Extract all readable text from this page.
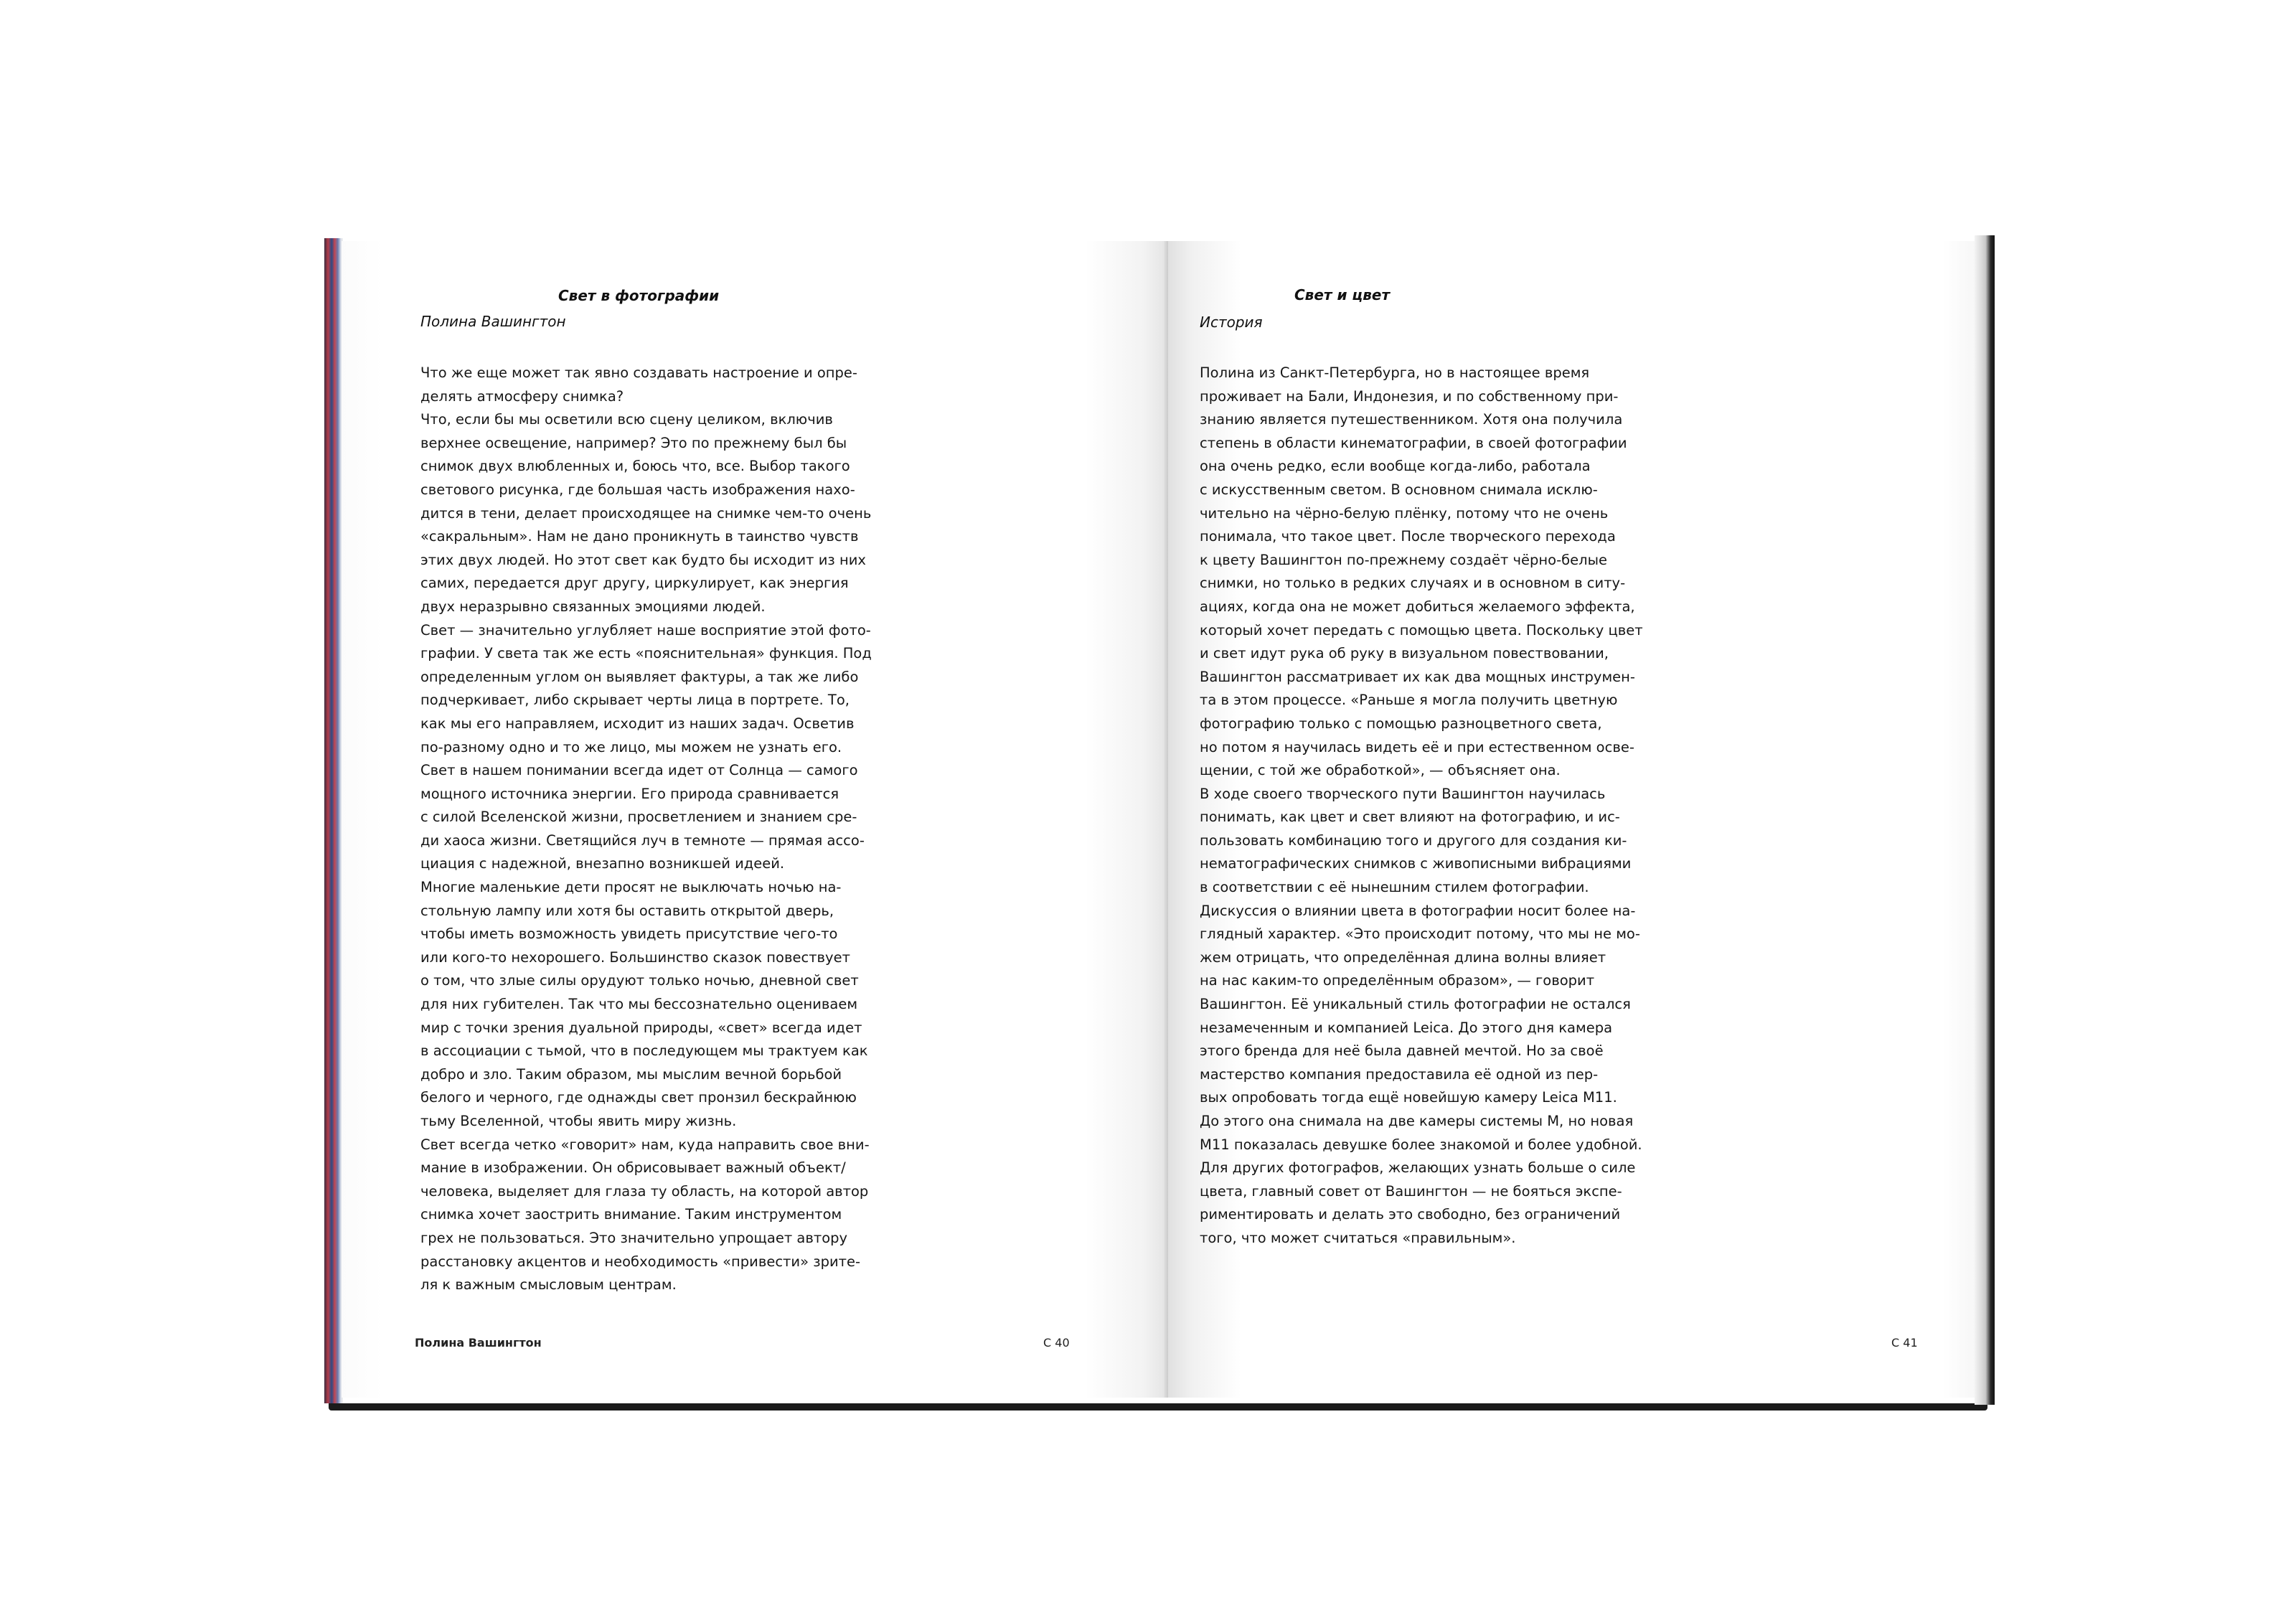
Свет в фотографии
Полина Вашингтон
Что же еще может так явно создавать настроение и опре-
делять атмосферу снимка?
Что, если бы мы осветили всю сцену целиком, включив
верхнее освещение, например? Это по прежнему был бы
снимок двух влюбленных и, боюсь что, все. Выбор такого
светового рисунка, где большая часть изображения нахо-
дится в тени, делает происходящее на снимке чем-то очень
«сакральным». Нам не дано проникнуть в таинство чувств
этих двух людей. Но этот свет как будто бы исходит из них
самих, передается друг другу, циркулирует, как энергия
двух неразрывно связанных эмоциями людей.
Свет — значительно углубляет наше восприятие этой фото-
графии. У света так же есть «пояснительная» функция. Под
определенным углом он выявляет фактуры, а так же либо
подчеркивает, либо скрывает черты лица в портрете. То,
как мы его направляем, исходит из наших задач. Осветив
по-разному одно и то же лицо, мы можем не узнать его.
Свет в нашем понимании всегда идет от Солнца — самого
мощного источника энергии. Его природа сравнивается
с силой Вселенской жизни, просветлением и знанием сре-
ди хаоса жизни. Светящийся луч в темноте — прямая ассо-
циация с надежной, внезапно возникшей идеей.
Многие маленькие дети просят не выключать ночью на-
стольную лампу или хотя бы оставить открытой дверь,
чтобы иметь возможность увидеть присутствие чего-то
или кого-то нехорошего. Большинство сказок повествует
о том, что злые силы орудуют только ночью, дневной свет
для них губителен. Так что мы бессознательно оцениваем
мир с точки зрения дуальной природы, «свет» всегда идет
в ассоциации с тьмой, что в последующем мы трактуем как
добро и зло. Таким образом, мы мыслим вечной борьбой
белого и черного, где однажды свет пронзил бескрайнюю
тьму Вселенной, чтобы явить миру жизнь.
Свет всегда четко «говорит» нам, куда направить свое вни-
мание в изображении. Он обрисовывает важный объект/
человека, выделяет для глаза ту область, на которой автор
снимка хочет заострить внимание. Таким инструментом
грех не пользоваться. Это значительно упрощает автору
расстановку акцентов и необходимость «привести» зрите-
ля к важным смысловым центрам.
Полина Вашингтон	С 40
Свет и цвет
История
Полина из Санкт-Петербурга, но в настоящее время
проживает на Бали, Индонезия, и по собственному при-
знанию является путешественником. Хотя она получила
степень в области кинематографии, в своей фотографии
она очень редко, если вообще когда-либо, работала
с искусственным светом. В основном снимала исклю-
чительно на чёрно-белую плёнку, потому что не очень
понимала, что такое цвет. После творческого перехода
к цвету Вашингтон по-прежнему создаёт чёрно-белые
снимки, но только в редких случаях и в основном в ситу-
ациях, когда она не может добиться желаемого эффекта,
который хочет передать с помощью цвета. Поскольку цвет
и свет идут рука об руку в визуальном повествовании,
Вашингтон рассматривает их как два мощных инструмен-
та в этом процессе. «Раньше я могла получить цветную
фотографию только с помощью разноцветного света,
но потом я научилась видеть её и при естественном осве-
щении, с той же обработкой», — объясняет она.
В ходе своего творческого пути Вашингтон научилась
понимать, как цвет и свет влияют на фотографию, и ис-
пользовать комбинацию того и другого для создания ки-
нематографических снимков с живописными вибрациями
в соответствии с её нынешним стилем фотографии.
Дискуссия о влиянии цвета в фотографии носит более на-
глядный характер. «Это происходит потому, что мы не мо-
жем отрицать, что определённая длина волны влияет
на нас каким-то определённым образом», — говорит
Вашингтон. Её уникальный стиль фотографии не остался
незамеченным и компанией Leica. До этого дня камера
этого бренда для неё была давней мечтой. Но за своё
мастерство компания предоставила её одной из пер-
вых опробовать тогда ещё новейшую камеру Leica M11.
До этого она снимала на две камеры системы М, но новая
М11 показалась девушке более знакомой и более удобной.
Для других фотографов, желающих узнать больше о силе
цвета, главный совет от Вашингтон — не бояться экспе-
риментировать и делать это свободно, без ограничений
того, что может считаться «правильным».
С 41
